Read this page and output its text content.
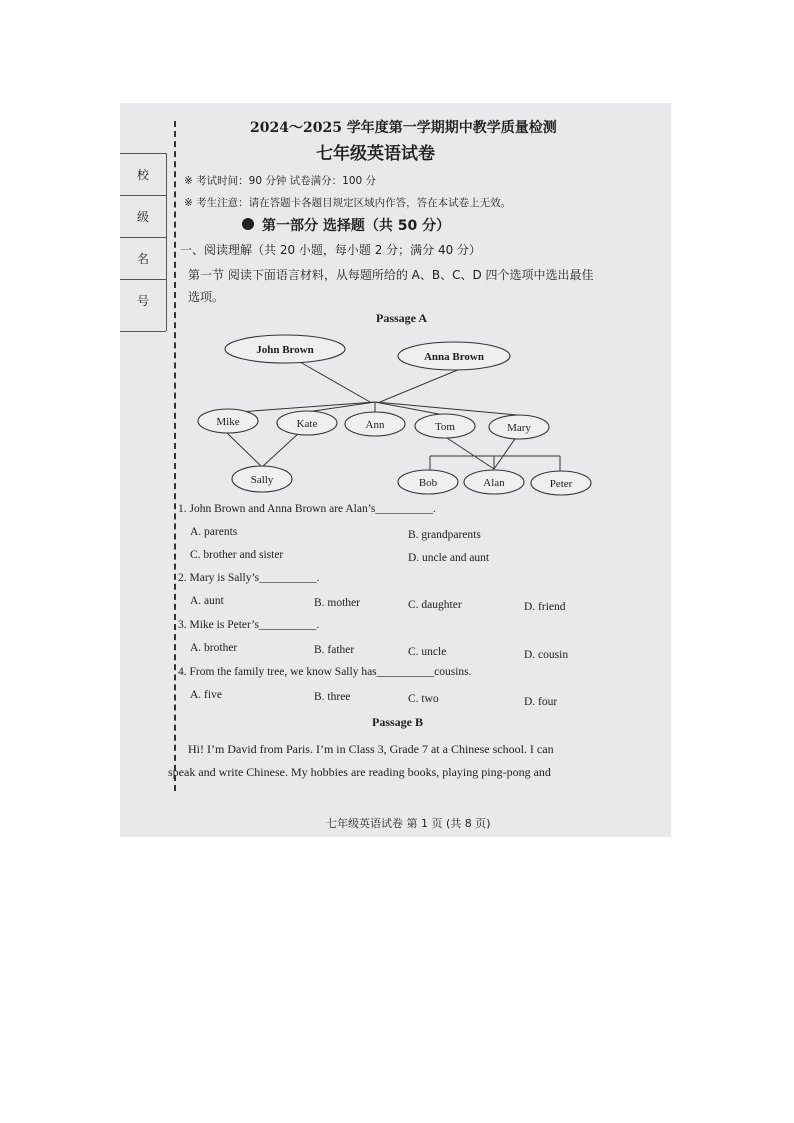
校
级
名
号
2024～2025 学年度第一学期期中教学质量检测
七年级英语试卷
※ 考试时间：90 分钟 试卷满分：100 分
※ 考生注意：请在答题卡各题目规定区域内作答，答在本试卷上无效。
第一部分 选择题（共 50 分）
一、阅读理解（共 20 小题，每小题 2 分；满分 40 分）
第一节 阅读下面语言材料，从每题所给的 A、B、C、D 四个选项中选出最佳
选项。
Passage A
John Brown
Anna Brown
Mike	Kate	Ann	Tom	Mary
Sally	Bob	Alan	Peter
1. John Brown and Anna Brown are Alan’s__________.
A. parents	B. grandparents
C. brother and sister	D. uncle and aunt
2. Mary is Sally’s__________.
A. aunt	B. mother	C. daughter	D. friend
3. Mike is Peter’s__________.
A. brother	B. father	C. uncle	D. cousin
4. From the family tree, we know Sally has__________cousins.
A. five	B. three	C. two	D. four
Passage B
Hi! I’m David from Paris. I’m in Class 3, Grade 7 at a Chinese school. I can
speak and write Chinese. My hobbies are reading books, playing ping-pong and
七年级英语试卷 第 1 页 (共 8 页)
